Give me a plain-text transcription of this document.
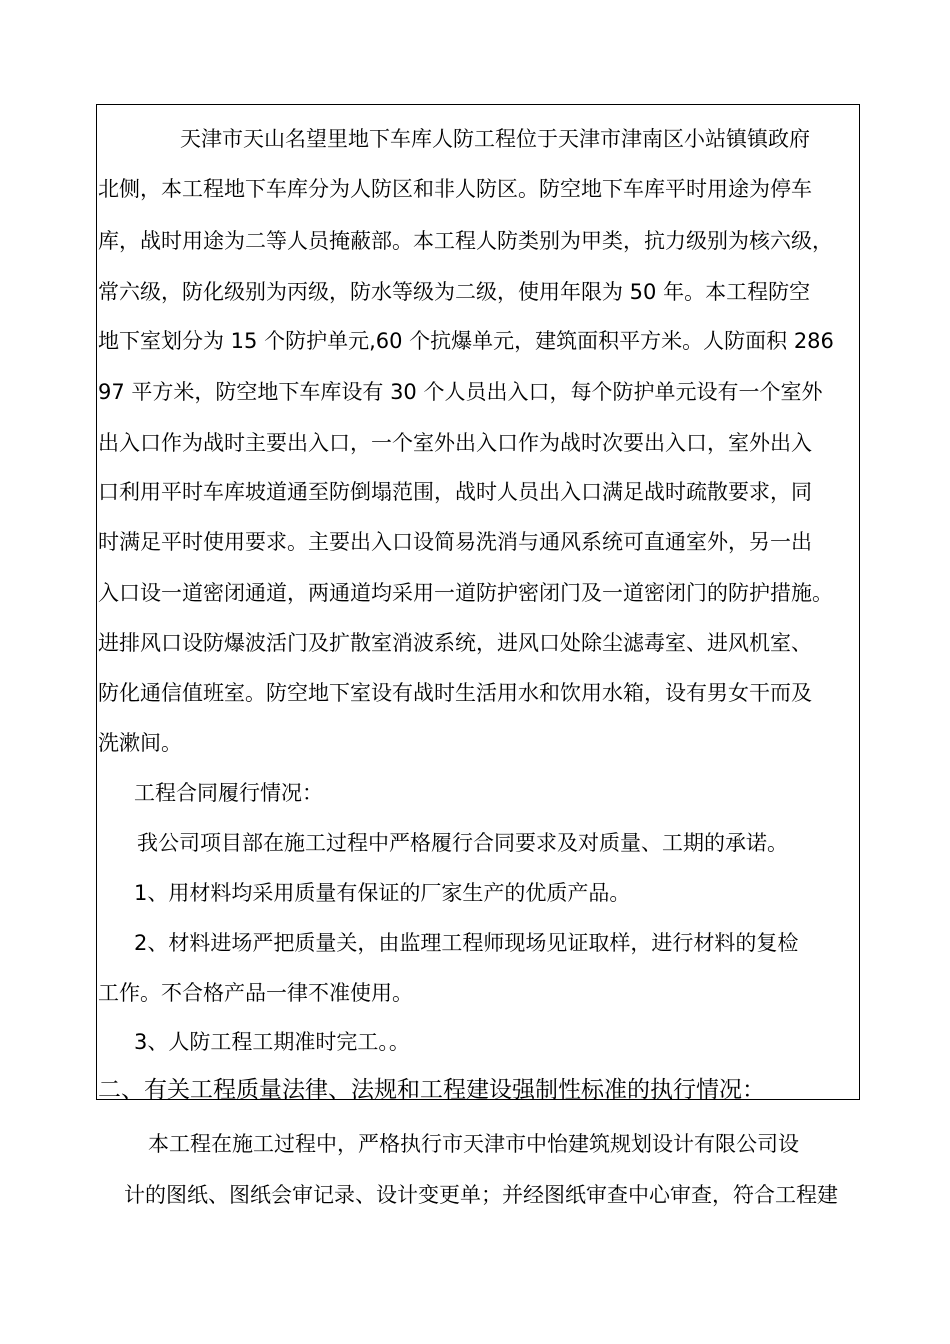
天津市天山名望里地下车库人防工程位于天津市津南区小站镇镇政府
北侧，本工程地下车库分为人防区和非人防区。防空地下车库平时用途为停车
库，战时用途为二等人员掩蔽部。本工程人防类别为甲类，抗力级别为核六级，
常六级，防化级别为丙级，防水等级为二级，使用年限为 50 年。本工程防空
地下室划分为 15 个防护单元,60 个抗爆单元，建筑面积平方米。人防面积 286
97 平方米，防空地下车库设有 30 个人员出入口，每个防护单元设有一个室外
出入口作为战时主要出入口，一个室外出入口作为战时次要出入口，室外出入
口利用平时车库坡道通至防倒塌范围，战时人员出入口满足战时疏散要求，同
时满足平时使用要求。主要出入口设简易洗消与通风系统可直通室外，另一出
入口设一道密闭通道，两通道均采用一道防护密闭门及一道密闭门的防护措施。
进排风口设防爆波活门及扩散室消波系统，进风口处除尘滤毒室、进风机室、
防化通信值班室。防空地下室设有战时生活用水和饮用水箱，设有男女干而及
洗漱间。
工程合同履行情况：
我公司项目部在施工过程中严格履行合同要求及对质量、工期的承诺。
1、用材料均采用质量有保证的厂家生产的优质产品。
2、材料进场严把质量关，由监理工程师现场见证取样，进行材料的复检
工作。不合格产品一律不准使用。
3、人防工程工期准时完工。。
二、有关工程质量法律、法规和工程建设强制性标准的执行情况：
本工程在施工过程中，严格执行市天津市中怡建筑规划设计有限公司设
计的图纸、图纸会审记录、设计变更单；并经图纸审查中心审查，符合工程建
